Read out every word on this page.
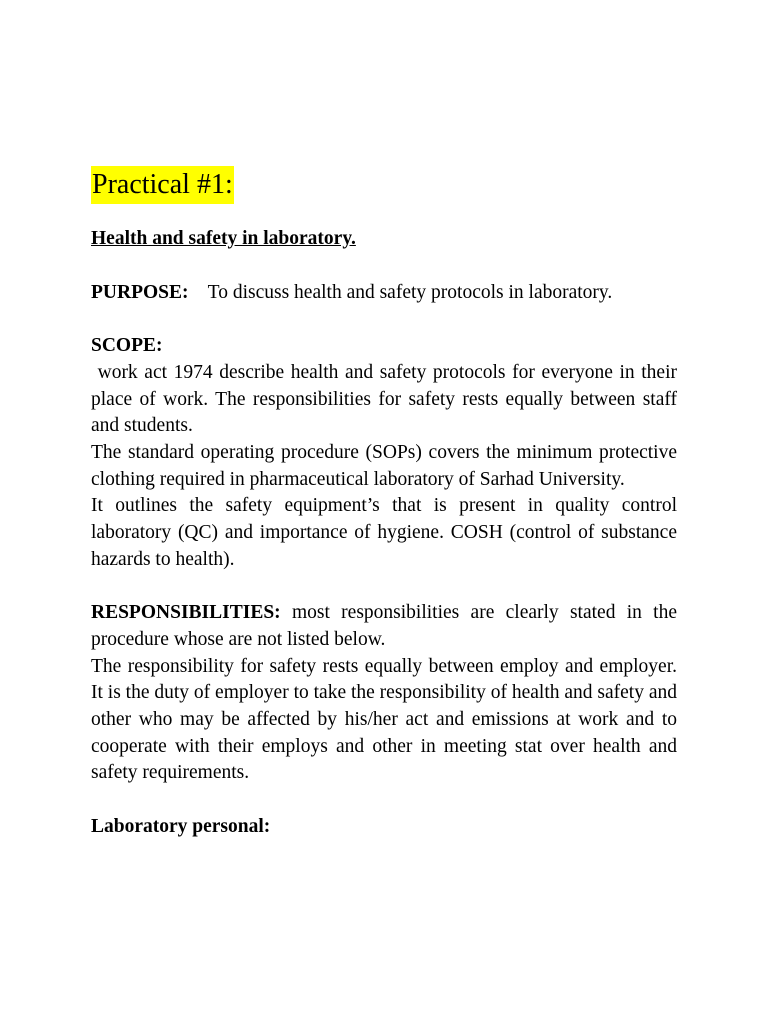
Practical #1:
Health and safety in laboratory.

PURPOSE: To discuss health and safety protocols in laboratory.

SCOPE:

work act 1974 describe health and safety protocols for everyone in their place of work. The responsibilities for safety rests equally between staff and students.

The standard operating procedure (SOPs) covers the minimum protective clothing required in pharmaceutical laboratory of Sarhad University.

It outlines the safety equipment’s that is present in quality control laboratory (QC) and importance of hygiene. COSH (control of substance hazards to health).

RESPONSIBILITIES: most responsibilities are clearly stated in the procedure whose are not listed below.

The responsibility for safety rests equally between employ and employer. It is the duty of employer to take the responsibility of health and safety and other who may be affected by his/her act and emissions at work and to cooperate with their employs and other in meeting stat over health and safety requirements.

Laboratory personal:
